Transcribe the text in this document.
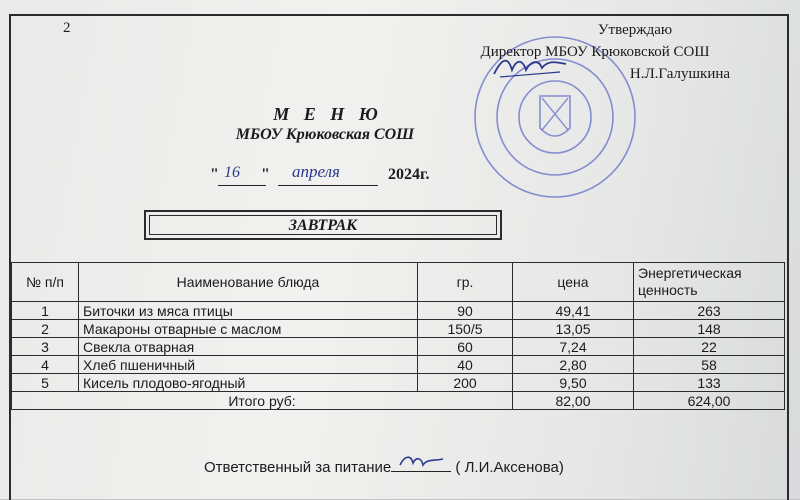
2	Утверждаю
Директор МБОУ Крюковской СОШ
Н.Л.Галушкина
М Е Н Ю
МБОУ Крюковская СОШ
" 16 " апреля	2024г.
ЗАВТРАК
№ п/п	Наименование блюда	гр.	цена	Энергетическая ценность
1	Биточки из мяса птицы	90	49,41	263
2	Макароны отварные с маслом	150/5	13,05	148
3	Свекла отварная	60	7,24	22
4	Хлеб пшеничный	40	2,80	58
5	Кисель плодово-ягодный	200	9,50	133
Итого руб:			82,00	624,00
Ответственный за питание	( Л.И.Аксенова)
